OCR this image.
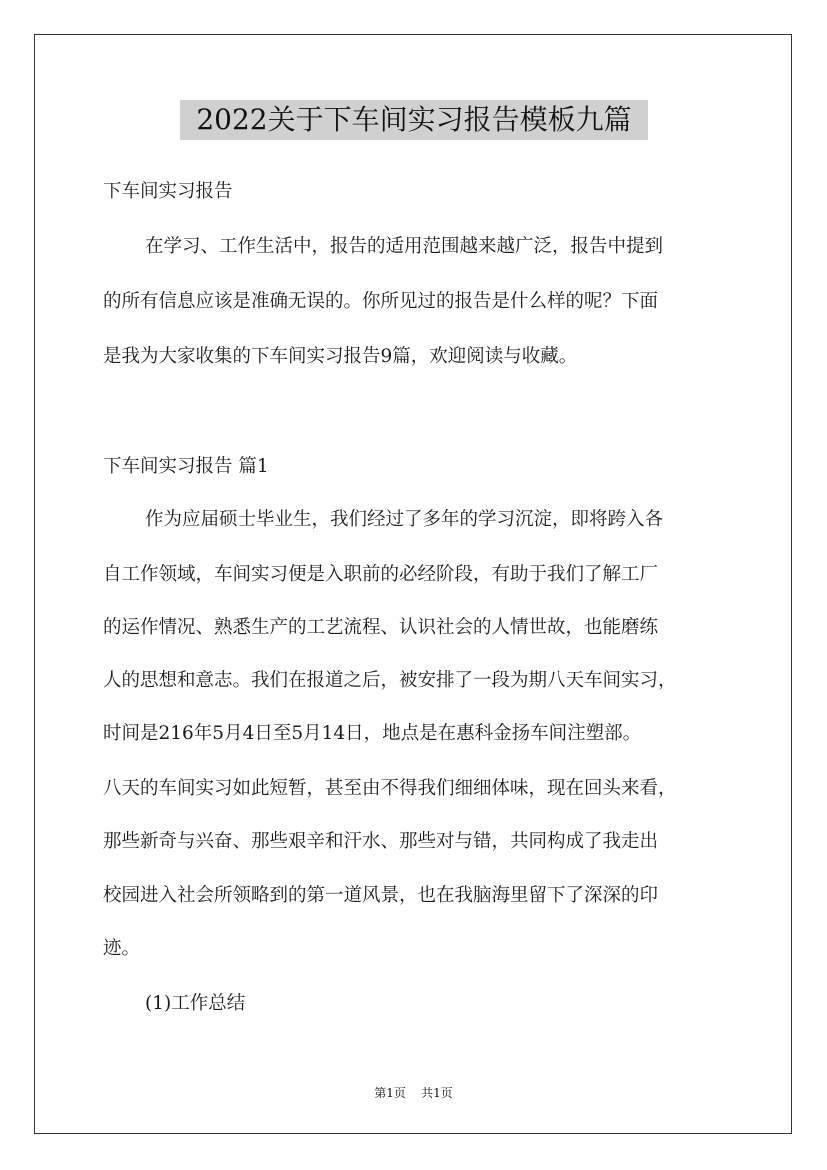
2022关于下车间实习报告模板九篇
下车间实习报告
在学习、工作生活中，报告的适用范围越来越广泛，报告中提到
的所有信息应该是准确无误的。你所见过的报告是什么样的呢？下面
是我为大家收集的下车间实习报告9篇，欢迎阅读与收藏。
下车间实习报告 篇1
作为应届硕士毕业生，我们经过了多年的学习沉淀，即将跨入各
自工作领域，车间实习便是入职前的必经阶段，有助于我们了解工厂
的运作情况、熟悉生产的工艺流程、认识社会的人情世故，也能磨练
人的思想和意志。我们在报道之后，被安排了一段为期八天车间实习，
时间是216年5月4日至5月14日，地点是在惠科金扬车间注塑部。
八天的车间实习如此短暂，甚至由不得我们细细体味，现在回头来看，
那些新奇与兴奋、那些艰辛和汗水、那些对与错，共同构成了我走出
校园进入社会所领略到的第一道风景，也在我脑海里留下了深深的印
迹。
(1)工作总结
第1页 共1页
